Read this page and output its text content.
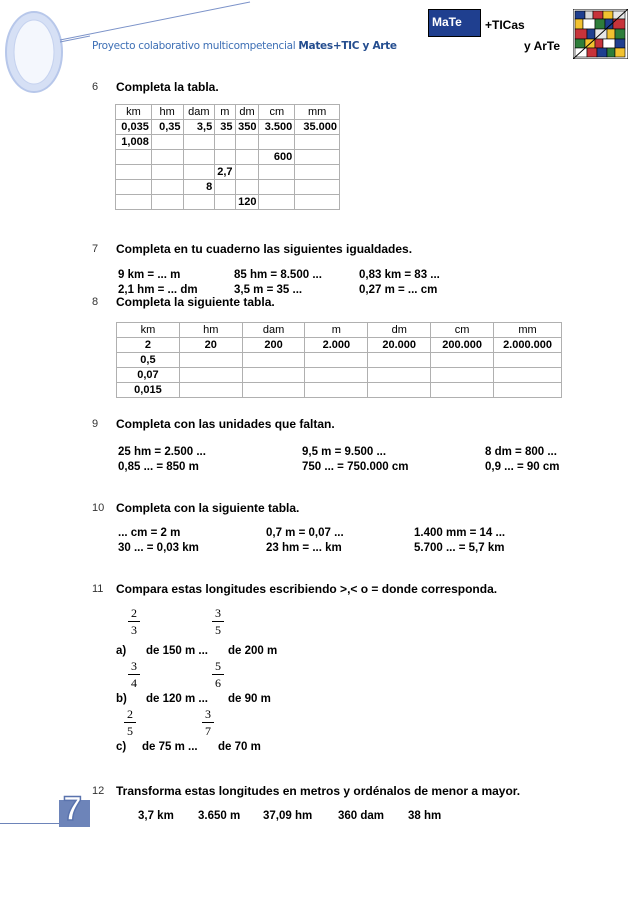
Proyecto colaborativo multicompetencial Mates+TIC y Arte
MaTe +TICas
y ArTe
6 Completa la tabla.
km	hm	dam	m	dm	cm	mm
0,035	0,35	3,5	35	350	3.500	35.000
1,008						
					600	
			2,7			
		8				
				120		
7 Completa en tu cuaderno las siguientes igualdades.
9 km = ... m	85 hm = 8.500 ...	0,83 km = 83 ...
2,1 hm = ... dm	3,5 m = 35 ...	0,27 m = ... cm
8 Completa la siguiente tabla.
km	hm	dam	m	dm	cm	mm
2	20	200	2.000	20.000	200.000	2.000.000
0,5						
0,07						
0,015						
9 Completa con las unidades que faltan.
25 hm = 2.500 ...	9,5 m = 9.500 ...	8 dm = 800 ...
0,85 ... = 850 m	750 ... = 750.000 cm	0,9 ... = 90 cm
10 Completa con la siguiente tabla.
... cm = 2 m	0,7 m = 0,07 ...	1.400 mm = 14 ...
30 ... = 0,03 km	23 hm = ... km	5.700 ... = 5,7 km
11 Compara estas longitudes escribiendo >,< o = donde corresponda.
$\frac{2}{3}$	$\frac{3}{5}$
a) de 150 m ... de 200 m
$\frac{3}{4}$	$\frac{5}{6}$
b) de 120 m ... de 90 m
$\frac{2}{5}$	$\frac{3}{7}$
c) de 75 m ... de 70 m
12 Transforma estas longitudes en metros y ordénalos de menor a mayor.
3,7 km 3.650 m 37,09 hm 360 dam 38 hm
7
